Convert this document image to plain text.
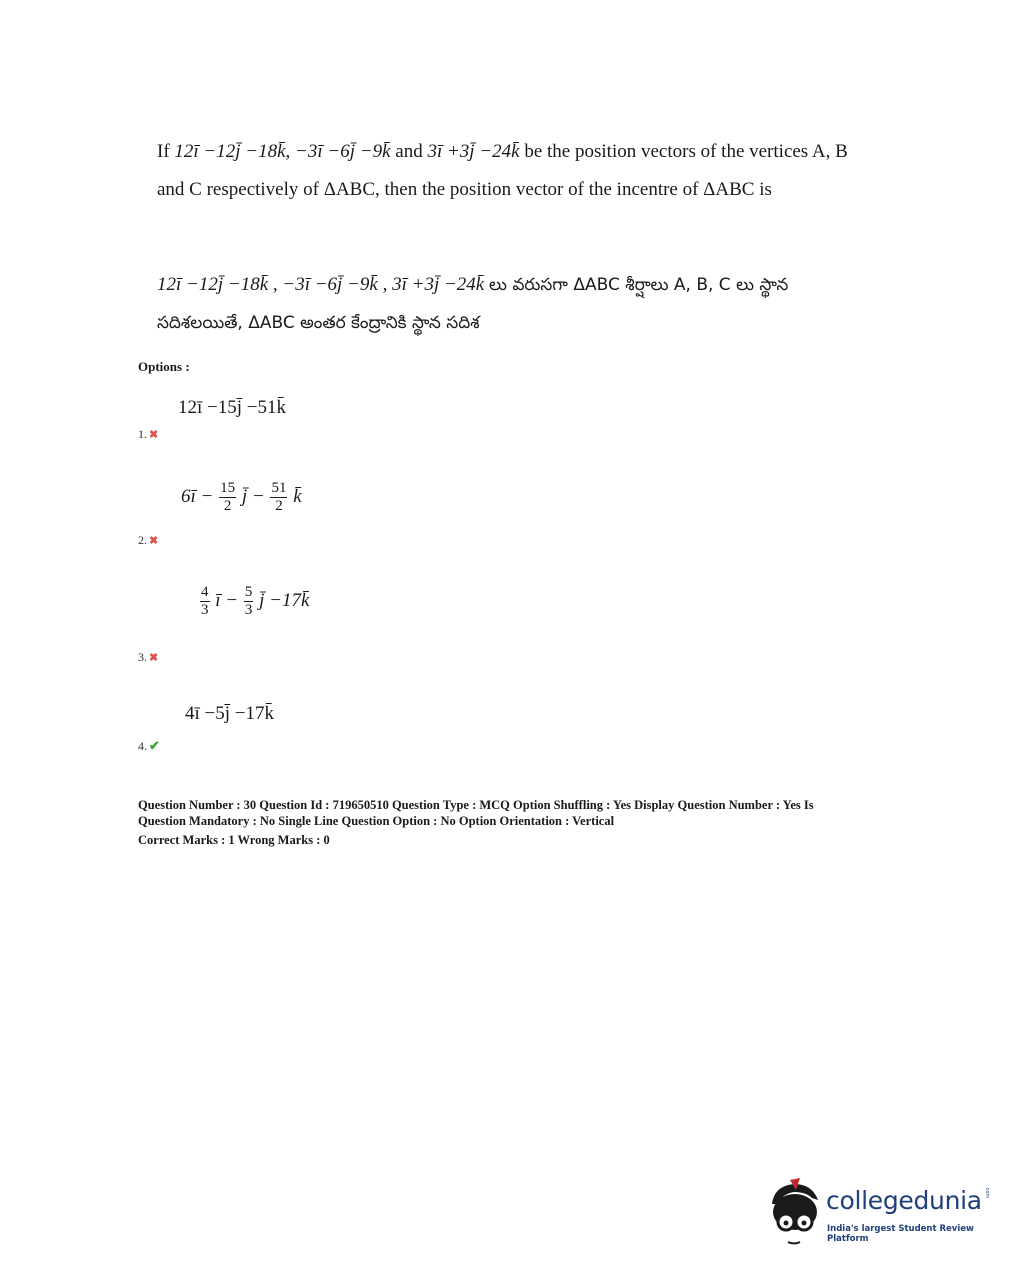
If 12ī −12j̄ −18k̄, −3ī −6j̄ −9k̄ and 3ī +3j̄ −24k̄ be the position vectors of the vertices A, B and C respectively of ΔABC, then the position vector of the incentre of ΔABC is
12ī −12j̄ −18k̄ , −3ī −6j̄ −9k̄ , 3ī +3j̄ −24k̄ లు వరుసగా ΔABC శీర్షాలు A, B, C లు స్థాన సదిశలయితే, ΔABC అంతర కేంద్రానికి స్థాన సదిశ
Options :
12ī −15j̄ −51k̄
1. ✖
6ī − $\frac{15}{2}$ j̄ − $\frac{51}{2}$ k̄
2. ✖
$\frac{4}{3}$ ī − $\frac{5}{3}$ j̄ −17k̄
3. ✖
4ī −5j̄ −17k̄
4. ✔
Question Number : 30 Question Id : 719650510 Question Type : MCQ Option Shuffling : Yes Display Question Number : Yes Is
Question Mandatory : No Single Line Question Option : No Option Orientation : Vertical
Correct Marks : 1 Wrong Marks : 0
collegedunia .com
India's largest Student Review Platform
